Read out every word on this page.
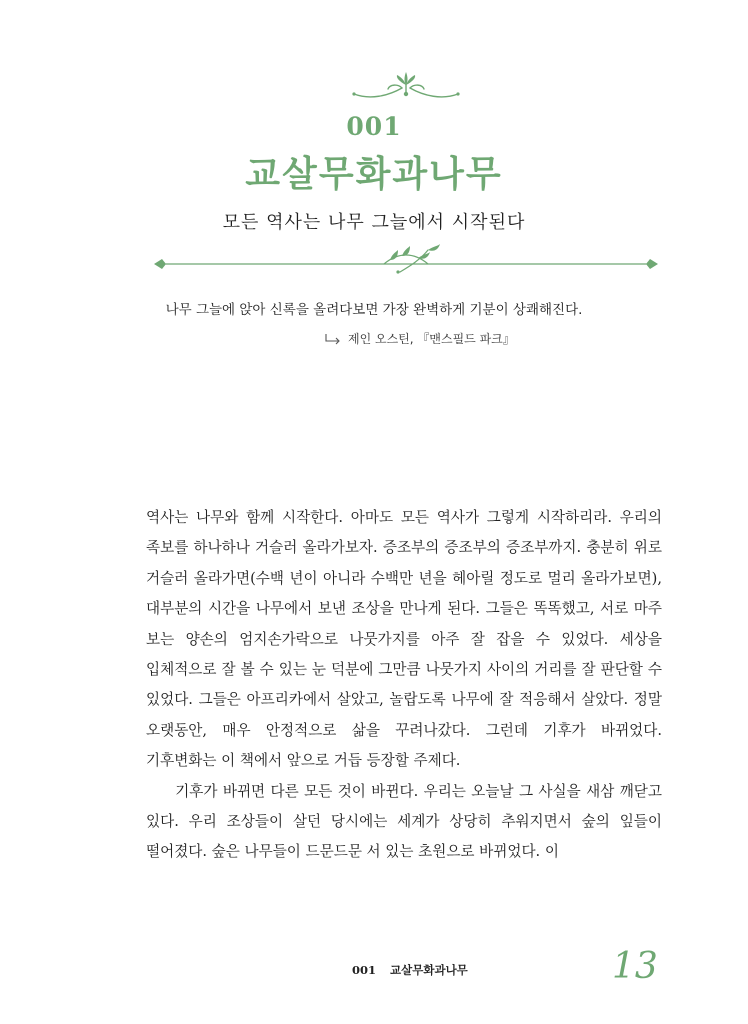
001
교살무화과나무
모든 역사는 나무 그늘에서 시작된다
나무 그늘에 앉아 신록을 올려다보면 가장 완벽하게 기분이 상쾌해진다.
제인 오스틴, 『맨스필드 파크』

역사는 나무와 함께 시작한다. 아마도 모든 역사가 그렇게 시작하리라. 우리의 족보를 하나하나 거슬러 올라가보자. 증조부의 증조부의 증조부까지. 충분히 위로 거슬러 올라가면(수백 년이 아니라 수백만 년을 헤아릴 정도로 멀리 올라가보면), 대부분의 시간을 나무에서 보낸 조상을 만나게 된다. 그들은 똑똑했고, 서로 마주 보는 양손의 엄지손가락으로 나뭇가지를 아주 잘 잡을 수 있었다. 세상을 입체적으로 잘 볼 수 있는 눈 덕분에 그만큼 나뭇가지 사이의 거리를 잘 판단할 수 있었다. 그들은 아프리카에서 살았고, 놀랍도록 나무에 잘 적응해서 살았다. 정말 오랫동안, 매우 안정적으로 삶을 꾸려나갔다. 그런데 기후가 바뀌었다. 기후변화는 이 책에서 앞으로 거듭 등장할 주제다.

기후가 바뀌면 다른 모든 것이 바뀐다. 우리는 오늘날 그 사실을 새삼 깨닫고 있다. 우리 조상들이 살던 당시에는 세계가 상당히 추워지면서 숲의 잎들이 떨어졌다. 숲은 나무들이 드문드문 서 있는 초원으로 바뀌었다. 이

001 교살무화과나무	13
